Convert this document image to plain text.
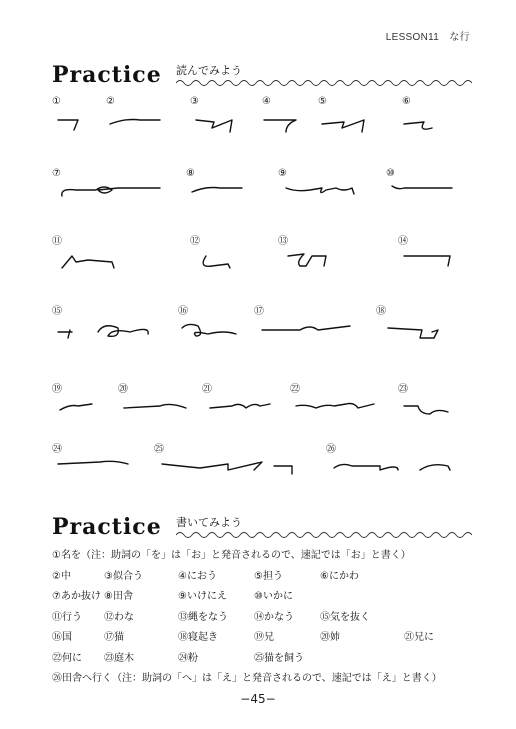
LESSON11　な行
Practice 読んでみよう
Practice 書いてみよう
①	②	③	④	⑤	⑥
⑦	⑧	⑨	⑩
⑪	⑫	⑬	⑭
⑮	⑯	⑰	⑱
⑲	⑳	㉑	㉒	㉓
㉔	㉕	㉖
①名を（注：助詞の「を」は「お」と発音されるので、速記では「お」と書く）
②中	③似合う	④におう	⑤担う	⑥にかわ
⑦あか抜け ⑧田舎	⑨いけにえ	⑩いかに
⑪行う ⑫わな	⑬縄をなう	⑭かなう	⑮気を抜く
⑯国	⑰猫	⑱寝起き	⑲兄	⑳姉	㉑兄に
㉒何に ㉓庭木	㉔粉	㉕猫を飼う
㉖田舎へ行く（注：助詞の「へ」は「え」と発音されるので、速記では「え」と書く）
−45−
